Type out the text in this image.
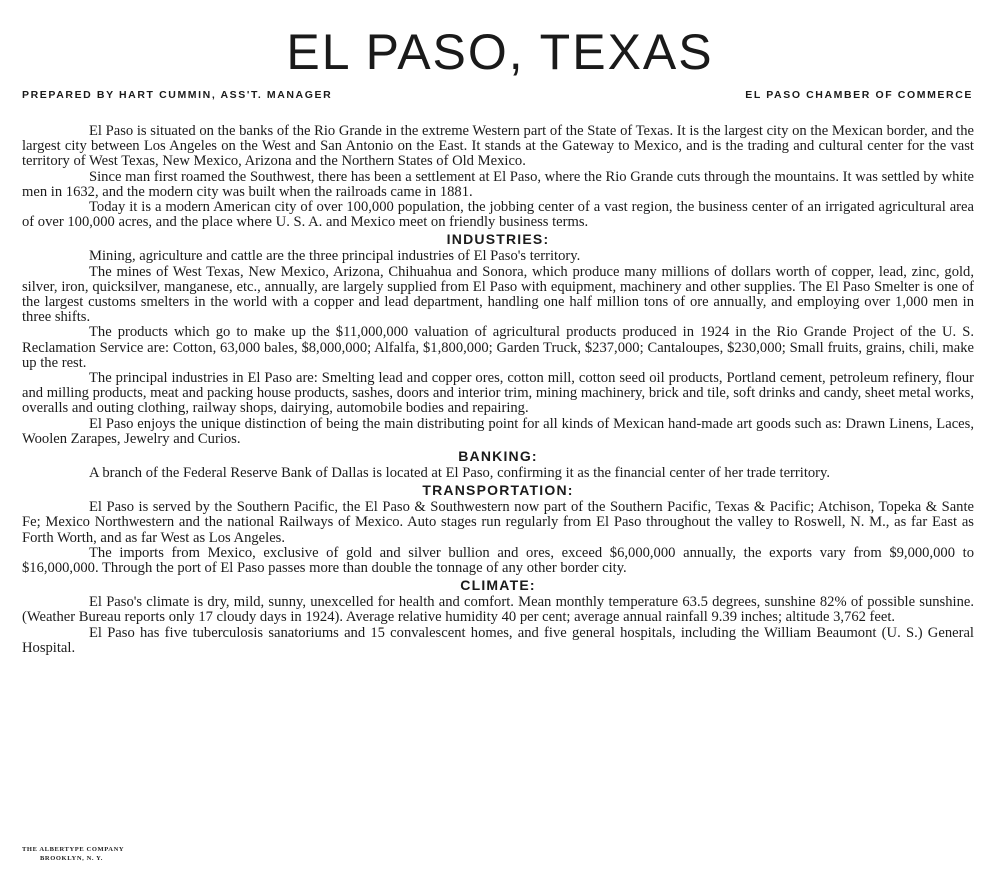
EL PASO, TEXAS
PREPARED BY HART CUMMIN, ASS'T. MANAGER	EL PASO CHAMBER OF COMMERCE

El Paso is situated on the banks of the Rio Grande in the extreme Western part of the State of Texas. It is the largest city on the Mexican border, and the largest city between Los Angeles on the West and San Antonio on the East. It stands at the Gateway to Mexico, and is the trading and cultural center for the vast territory of West Texas, New Mexico, Arizona and the Northern States of Old Mexico.

Since man first roamed the Southwest, there has been a settlement at El Paso, where the Rio Grande cuts through the mountains. It was settled by white men in 1632, and the modern city was built when the railroads came in 1881.

Today it is a modern American city of over 100,000 population, the jobbing center of a vast region, the business center of an irrigated agricultural area of over 100,000 acres, and the place where U. S. A. and Mexico meet on friendly business terms.

INDUSTRIES:

Mining, agriculture and cattle are the three principal industries of El Paso's territory.

The mines of West Texas, New Mexico, Arizona, Chihuahua and Sonora, which produce many millions of dollars worth of copper, lead, zinc, gold, silver, iron, quicksilver, manganese, etc., annually, are largely supplied from El Paso with equipment, machinery and other supplies. The El Paso Smelter is one of the largest customs smelters in the world with a copper and lead department, handling one half million tons of ore annually, and employing over 1,000 men in three shifts.

The products which go to make up the $11,000,000 valuation of agricultural products produced in 1924 in the Rio Grande Project of the U. S. Reclamation Service are: Cotton, 63,000 bales, $8,000,000; Alfalfa, $1,800,000; Garden Truck, $237,000; Cantaloupes, $230,000; Small fruits, grains, chili, make up the rest.

The principal industries in El Paso are: Smelting lead and copper ores, cotton mill, cotton seed oil products, Portland cement, petroleum refinery, flour and milling products, meat and packing house products, sashes, doors and interior trim, mining machinery, brick and tile, soft drinks and candy, sheet metal works, overalls and outing clothing, railway shops, dairying, automobile bodies and repairing.

El Paso enjoys the unique distinction of being the main distributing point for all kinds of Mexican hand-made art goods such as: Drawn Linens, Laces, Woolen Zarapes, Jewelry and Curios.

BANKING:

A branch of the Federal Reserve Bank of Dallas is located at El Paso, confirming it as the financial center of her trade territory.

TRANSPORTATION:

El Paso is served by the Southern Pacific, the El Paso & Southwestern now part of the Southern Pacific, Texas & Pacific; Atchison, Topeka & Sante Fe; Mexico Northwestern and the national Railways of Mexico. Auto stages run regularly from El Paso throughout the valley to Roswell, N. M., as far East as Forth Worth, and as far West as Los Angeles.

The imports from Mexico, exclusive of gold and silver bullion and ores, exceed $6,000,000 annually, the exports vary from $9,000,000 to $16,000,000. Through the port of El Paso passes more than double the tonnage of any other border city.

CLIMATE:

El Paso's climate is dry, mild, sunny, unexcelled for health and comfort. Mean monthly temperature 63.5 degrees, sunshine 82% of possible sunshine. (Weather Bureau reports only 17 cloudy days in 1924). Average relative humidity 40 per cent; average annual rainfall 9.39 inches; altitude 3,762 feet.

El Paso has five tuberculosis sanatoriums and 15 convalescent homes, and five general hospitals, including the William Beaumont (U. S.) General Hospital.

THE ALBERTYPE COMPANY
BROOKLYN, N. Y.
